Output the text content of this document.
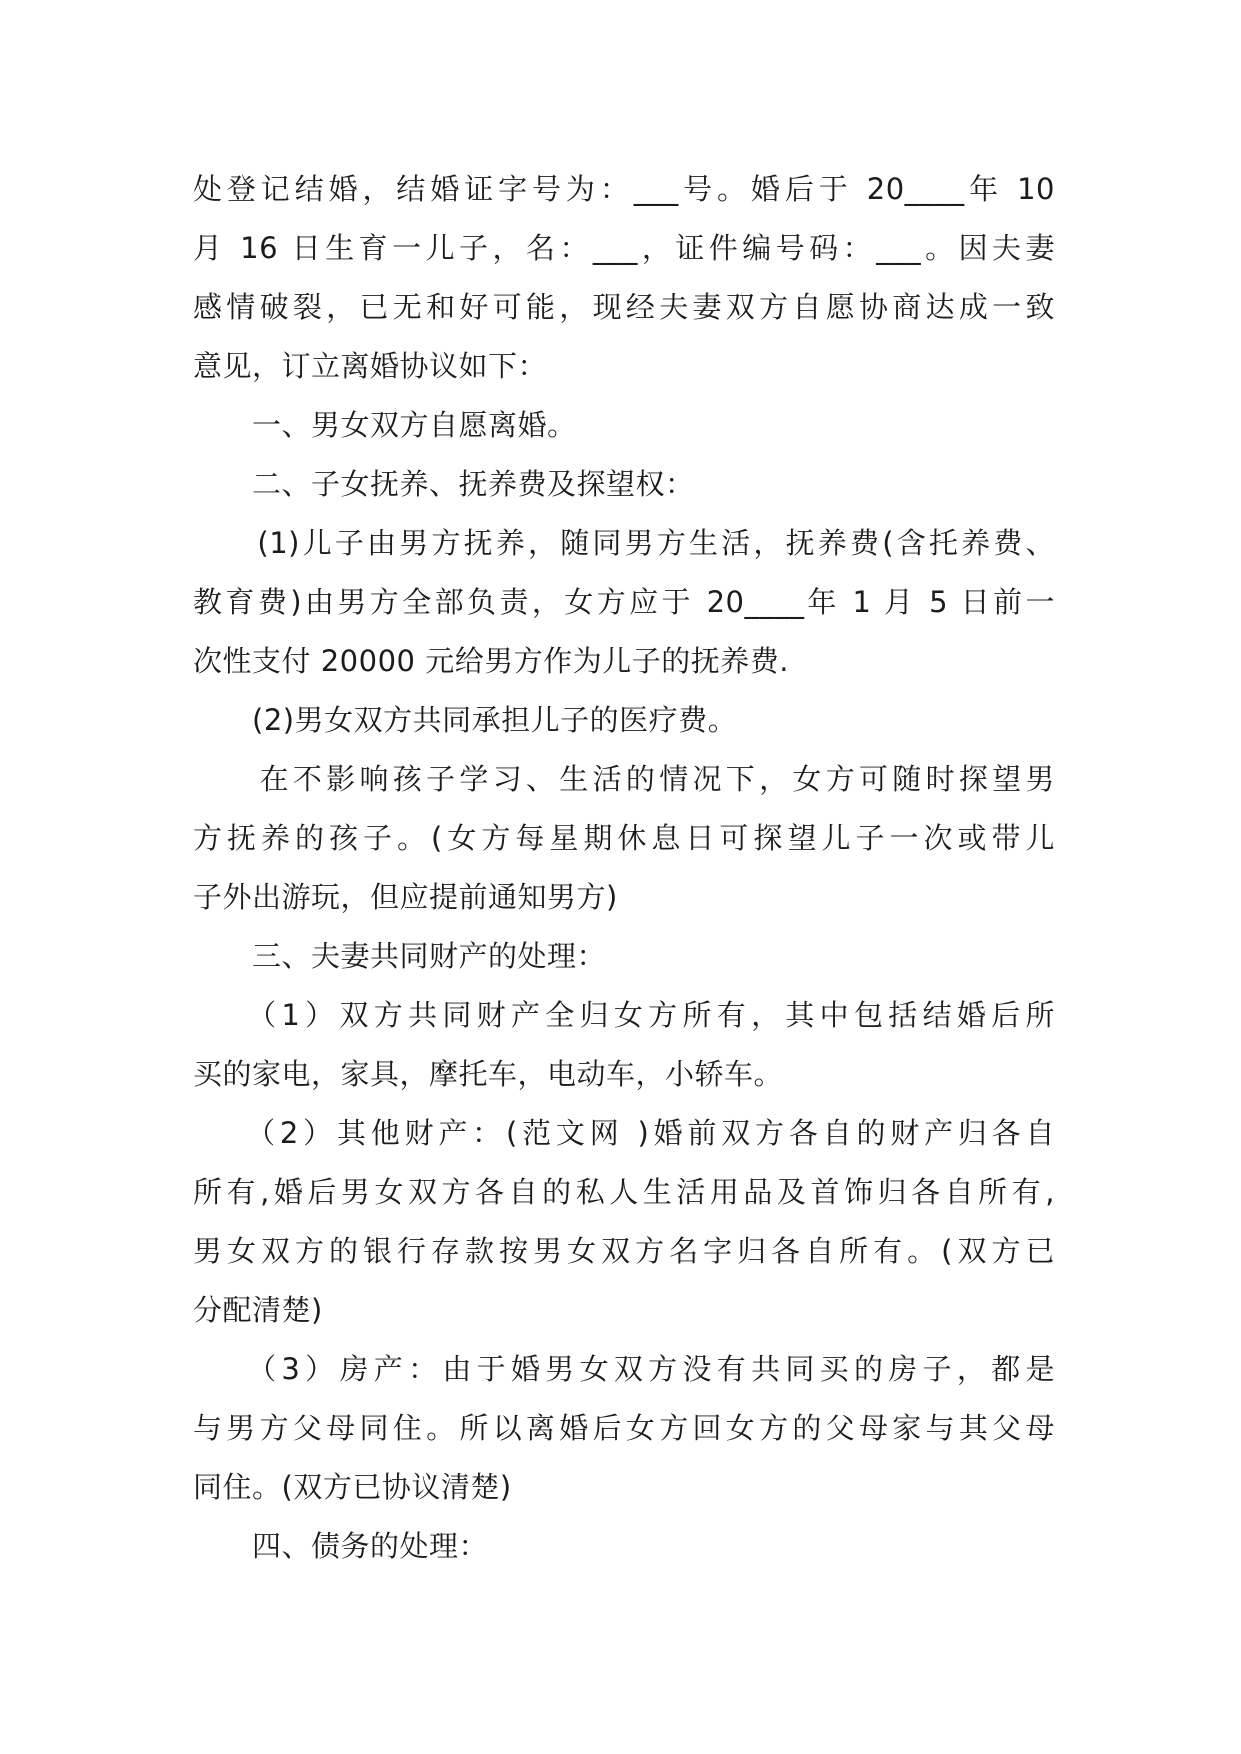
处登记结婚，结婚证字号为：___号。婚后于 20____年 10
月 16 日生育一儿子，名：___，证件编号码：___。因夫妻
感情破裂，已无和好可能，现经夫妻双方自愿协商达成一致
意见，订立离婚协议如下：
　　一、男女双方自愿离婚。
　　二、子女抚养、抚养费及探望权：
　　(1)儿子由男方抚养，随同男方生活，抚养费(含托养费、
教育费)由男方全部负责，女方应于 20____年 1 月 5 日前一
次性支付 20000 元给男方作为儿子的抚养费.
　　(2)男女双方共同承担儿子的医疗费。
　　在不影响孩子学习、生活的情况下，女方可随时探望男
方抚养的孩子。(女方每星期休息日可探望儿子一次或带儿
子外出游玩，但应提前通知男方)
　　三、夫妻共同财产的处理：
　　（1）双方共同财产全归女方所有，其中包括结婚后所
买的家电，家具，摩托车，电动车，小轿车。
　　（2）其他财产：(范文网 )婚前双方各自的财产归各自
所有,婚后男女双方各自的私人生活用品及首饰归各自所有,
男女双方的银行存款按男女双方名字归各自所有。(双方已
分配清楚)
　　（3）房产：由于婚男女双方没有共同买的房子，都是
与男方父母同住。所以离婚后女方回女方的父母家与其父母
同住。(双方已协议清楚)
　　四、债务的处理：
